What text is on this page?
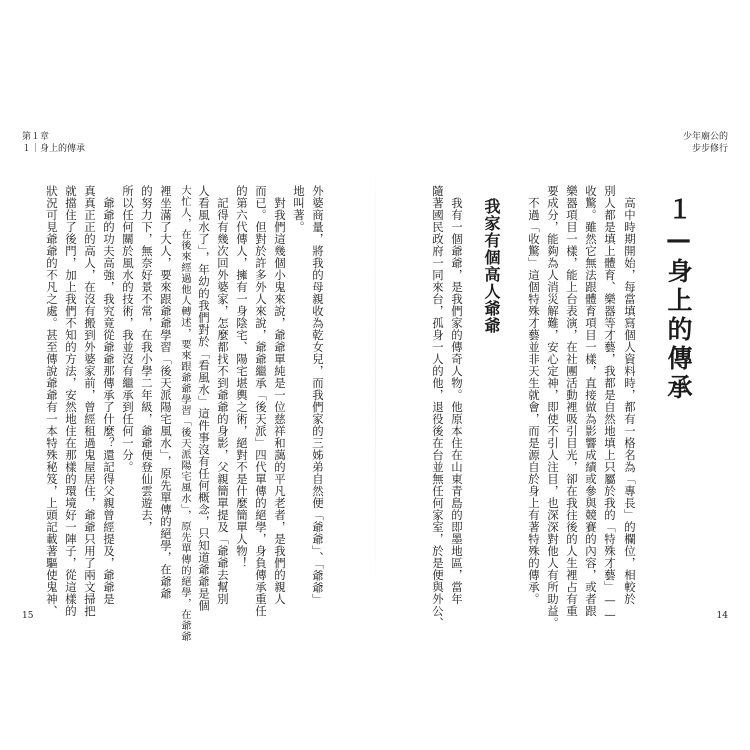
第１章
１｜身上的傳承
少年廟公的
步步修行
15	14
１—身上的傳承
高中時期開始，每當填寫個人資料時，都有一格名為「專長」的欄位，相較於
別人都是填上體育、樂器等才藝，我都是自然地填上只屬於我的「特殊才藝」——
收驚。雖然它無法跟體育項目一樣，直接做為影響成績或參與競賽的內容，或者跟
樂器項目一樣，能上台表演，在社團活動裡吸引目光，卻在我往後的人生裡占有重
要成分，能夠為人消災解難，安心定神，即使不引人注目，也深深對他人有所助益。
不過「收驚」這個特殊才藝並非天生就會，而是源自於身上有著特殊的傳承。
我家有個高人爺爺
我有一個爺爺，是我們家的傳奇人物。他原本住在山東青島的即墨地區，當年
隨著國民政府一同來台，孤身一人的他，退役後在台並無任何家室，於是便與外公、
外婆商量，將我的母親收為乾女兒，而我們家的三姊弟自然便「爺爺」、「爺爺」
地叫著。
對我們這幾個小鬼來說，爺爺單純是一位慈祥和藹的平凡老者，是我們的親人
而已。但對於許多外人來說，爺爺繼承「後天派」四代單傳的絕學，身負傳承重任
的第六代傳人，擁有一身陰宅、陽宅堪輿之術，絕對不是什麼簡單人物！
記得有幾次回外婆家，怎麼都找不到爺爺的身影，父親簡單提及「爺爺去幫別
人看風水了」，年幼的我們對於「看風水」這件事沒有任何概念，只知道爺爺是個
大忙人，在後來經過他人轉述，要來跟爺爺學習「後天派陽宅風水」，原先單傳的絕學，在爺爺
裡坐滿了大人，要來跟爺爺學習「後天派陽宅風水」，原先單傳的絕學，在爺爺
的努力下，無奈好景不常，在我小學二年級，爺爺便登仙雲遊去，
所以任何關於風水的技術，我並沒有繼承到任何一分。
爺爺的功夫高強，我究竟從爺爺那傳承了什麼？還記得父親曾經提及，爺爺是
真真正正的高人，在沒有搬到外婆家前，曾經租過鬼屋居住，爺爺只用了兩文掃把
就擋住了後門，加上我們不知的方法，安然地住在那樣的環境好一陣子，從這樣的
狀況可見爺爺的不凡之處。甚至傳說爺爺有一本特殊秘笈，上頭記載著驅使鬼神、
